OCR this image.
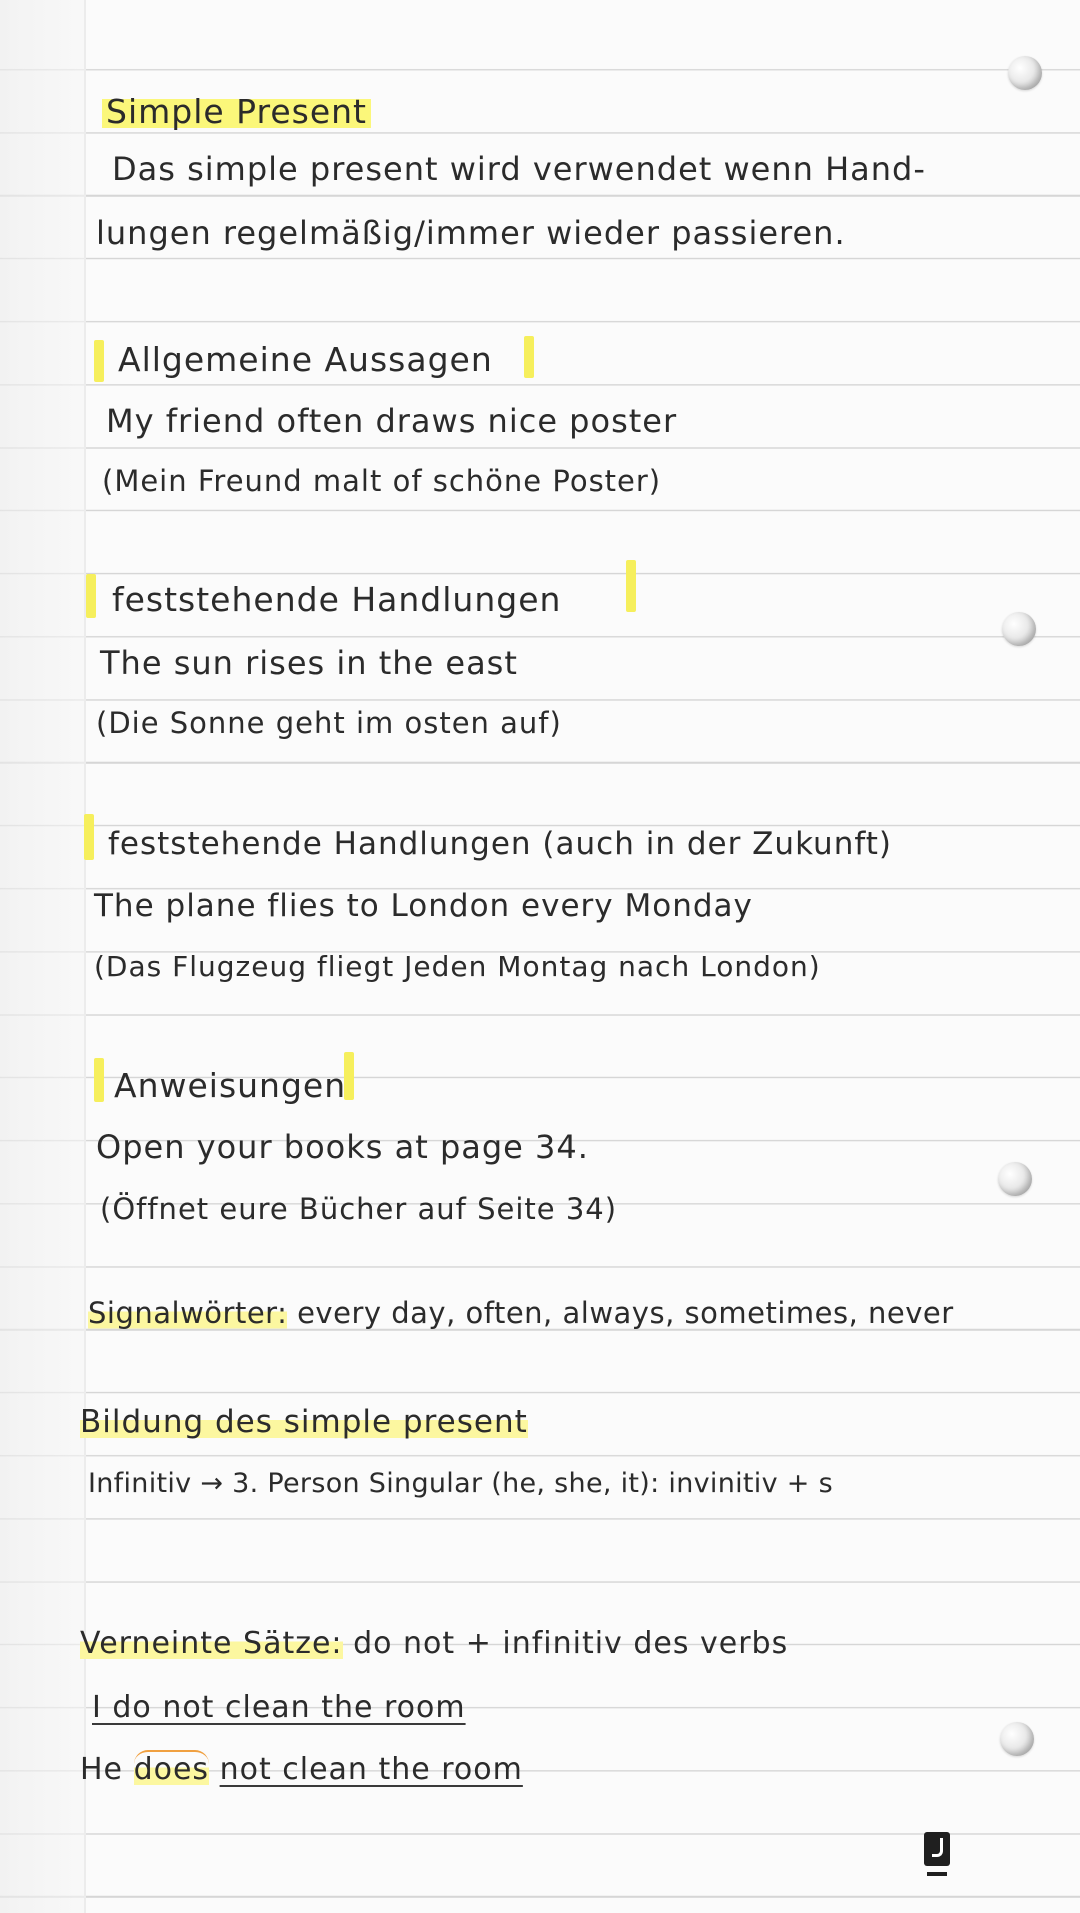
Simple Present
Das simple present wird verwendet wenn Hand-
lungen regelmäßig/immer wieder passieren.
Allgemeine Aussagen
My friend often draws nice poster
(Mein Freund malt of schöne Poster)
feststehende Handlungen
The sun rises in the east
(Die Sonne geht im osten auf)
feststehende Handlungen (auch in der Zukunft)
The plane flies to London every Monday
(Das Flugzeug fliegt Jeden Montag nach London)
Anweisungen
Open your books at page 34.
(Öffnet eure Bücher auf Seite 34)
Signalwörter: every day, often, always, sometimes, never
Bildung des simple present
Infinitiv → 3. Person Singular (he, she, it): invinitiv + s
Verneinte Sätze: do not + infinitiv des verbs
I do not clean the room
He does not clean the room
